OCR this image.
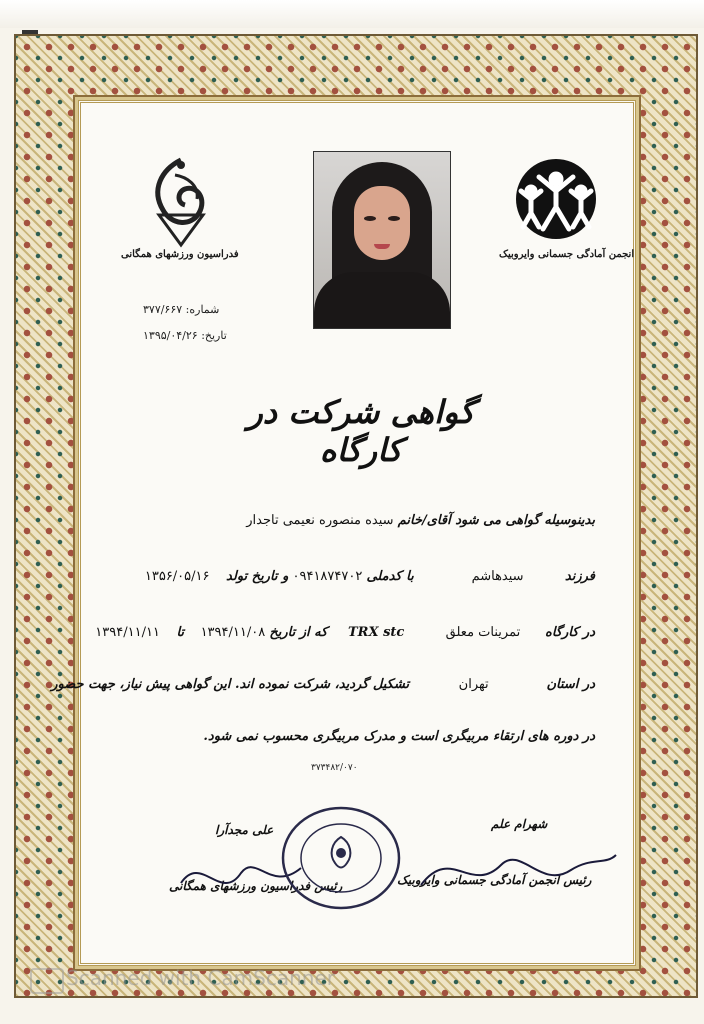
فدراسیون ورزشهای همگانی	انجمن آمادگی جسمانی وایروبیک
شماره: ۳۷۷/۶۶۷
تاریخ: ۱۳۹۵/۰۴/۲۶
گواهی شرکت در کارگاه
بدینوسیله گواهی می شود آقای/خانم سیده منصوره نعیمی تاجدار
فرزند          سیدهاشم              با کدملی ۰۹۴۱۸۷۴۷۰۲ و تاریخ تولد    ۱۳۵۶/۰۵/۱۶
در کارگاه      تمرینات معلق          TRX stc     که از تاریخ ۱۳۹۴/۱۱/۰۸    تا    ۱۳۹۴/۱۱/۱۱
در استان              تهران            تشکیل گردید، شرکت نموده اند. این گواهی پیش نیاز، جهت حضور
در دوره های ارتقاء مربیگری است و مدرک مربیگری محسوب نمی شود.
۳۷۳۴۸۲/۰۷۰
شهرام علم
رئیس انجمن آمادگی جسمانی وایروبیک
علی مجدآرا
رئیس فدراسیون ورزشهای همگانی
Scanned with CamScanner
